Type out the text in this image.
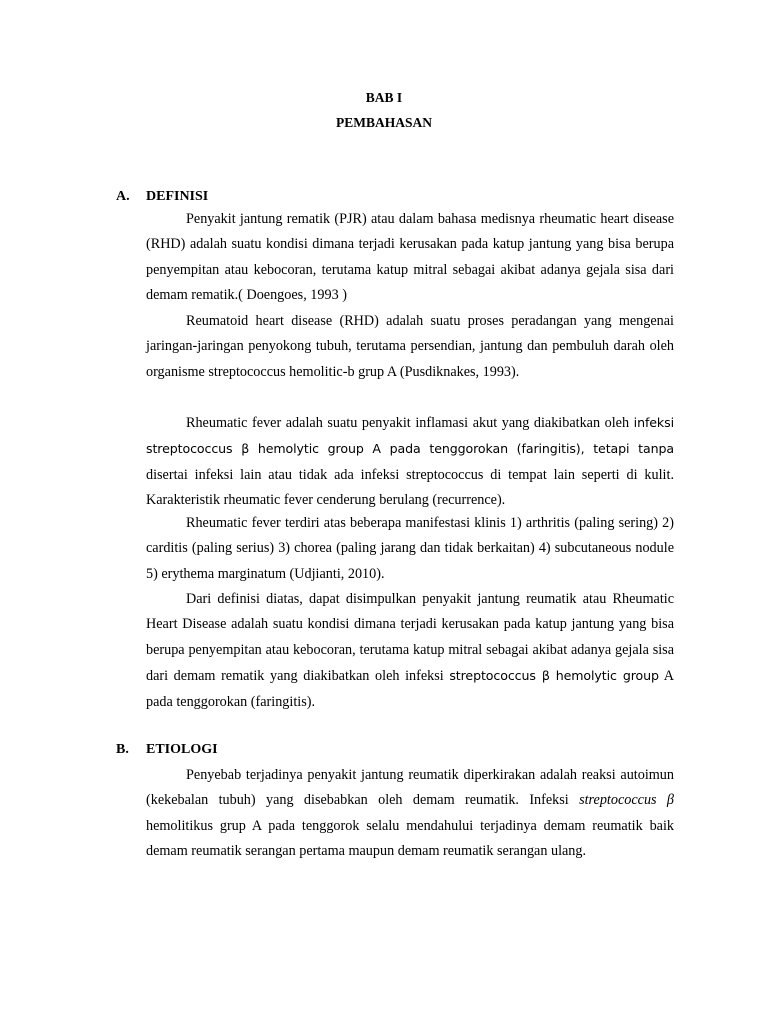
BAB I
PEMBAHASAN
A. DEFINISI

Penyakit jantung rematik (PJR) atau dalam bahasa medisnya rheumatic heart disease (RHD) adalah suatu kondisi dimana terjadi kerusakan pada katup jantung yang bisa berupa penyempitan atau kebocoran, terutama katup mitral sebagai akibat adanya gejala sisa dari demam rematik.( Doengoes, 1993 )

Reumatoid heart disease (RHD) adalah suatu proses peradangan yang mengenai jaringan-jaringan penyokong tubuh, terutama persendian, jantung dan pembuluh darah oleh organisme streptococcus hemolitic-b grup A (Pusdiknakes, 1993).

Rheumatic fever adalah suatu penyakit inflamasi akut yang diakibatkan oleh infeksi streptococcus β hemolytic group A pada tenggorokan (faringitis), tetapi tanpa disertai infeksi lain atau tidak ada infeksi streptococcus di tempat lain seperti di kulit. Karakteristik rheumatic fever cenderung berulang (recurrence).

Rheumatic fever terdiri atas beberapa manifestasi klinis 1) arthritis (paling sering) 2) carditis (paling serius) 3) chorea (paling jarang dan tidak berkaitan) 4) subcutaneous nodule 5) erythema marginatum (Udjianti, 2010).

Dari definisi diatas, dapat disimpulkan penyakit jantung reumatik atau Rheumatic Heart Disease adalah suatu kondisi dimana terjadi kerusakan pada katup jantung yang bisa berupa penyempitan atau kebocoran, terutama katup mitral sebagai akibat adanya gejala sisa dari demam rematik yang diakibatkan oleh infeksi streptococcus β hemolytic group A pada tenggorokan (faringitis).

B. ETIOLOGI

Penyebab terjadinya penyakit jantung reumatik diperkirakan adalah reaksi autoimun (kekebalan tubuh) yang disebabkan oleh demam reumatik. Infeksi streptococcus β hemolitikus grup A pada tenggorok selalu mendahului terjadinya demam reumatik baik demam reumatik serangan pertama maupun demam reumatik serangan ulang.
